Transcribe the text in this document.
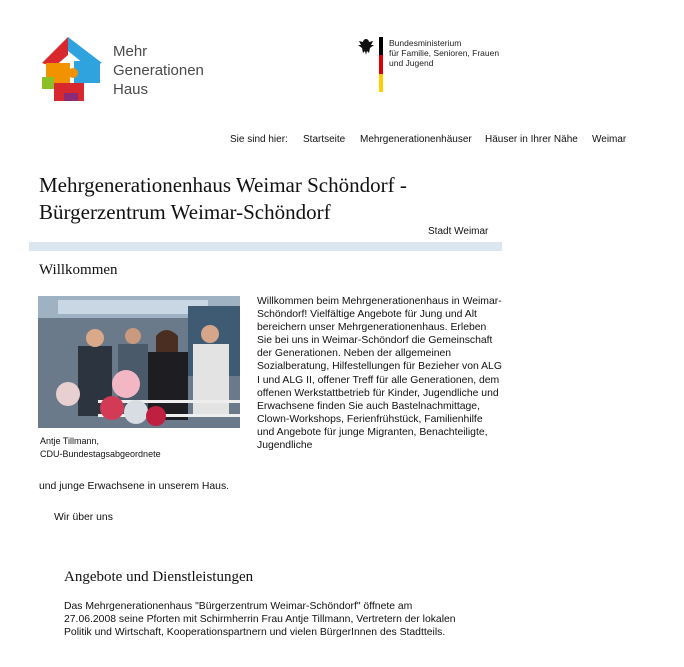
Mehr
Generationen
Haus
Bundesministerium
für Familie, Senioren, Frauen
und Jugend
Sie sind hier: Startseite Mehrgenerationenhäuser Häuser in Ihrer Nähe Weimar
Mehrgenerationenhaus Weimar Schöndorf -
Bürgerzentrum Weimar-Schöndorf
Stadt Weimar
Willkommen
Antje Tillmann,
CDU-Bundestagsabgeordnete

Willkommen beim Mehrgenerationenhaus in Weimar-Schöndorf! Vielfältige Angebote für Jung und Alt bereichern unser Mehrgenerationenhaus. Erleben Sie bei uns in Weimar-Schöndorf die Gemeinschaft der Generationen. Neben der allgemeinen Sozialberatung, Hilfestellungen für Bezieher von ALG I und ALG II, offener Treff für alle Generationen, dem offenen Werkstattbetrieb für Kinder, Jugendliche und Erwachsene finden Sie auch Bastelnachmittage, Clown-Workshops, Ferienfrühstück, Familienhilfe und Angebote für junge Migranten, Benachteiligte, Jugendliche

und junge Erwachsene in unserem Haus.

Wir über uns
Angebote und Dienstleistungen

Das Mehrgenerationenhaus "Bürgerzentrum Weimar-Schöndorf" öffnete am 27.06.2008 seine Pforten mit Schirmherrin Frau Antje Tillmann, Vertretern der lokalen Politik und Wirtschaft, Kooperationspartnern und vielen BürgerInnen des Stadtteils.
